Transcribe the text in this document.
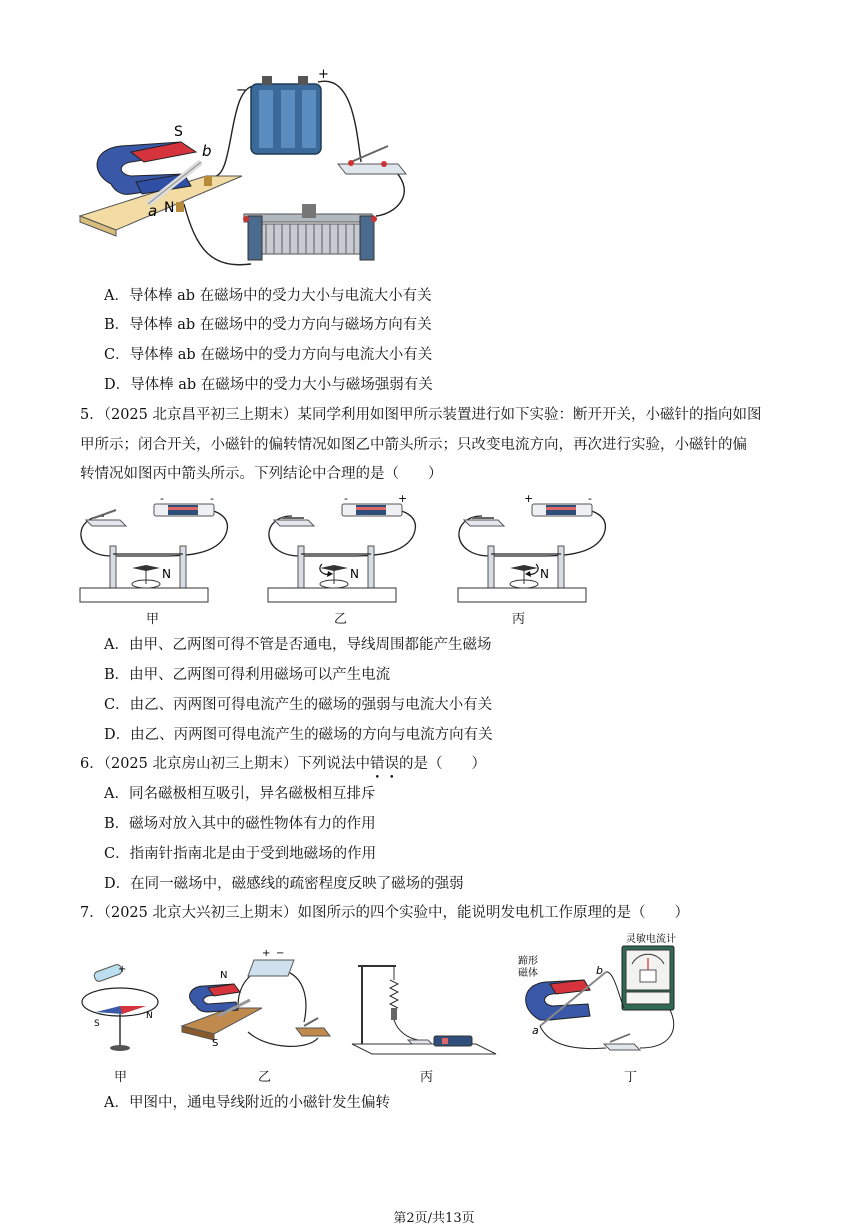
−
+
S
N
a
b
A．导体棒 ab 在磁场中的受力大小与电流大小有关
B．导体棒 ab 在磁场中的受力方向与磁场方向有关
C．导体棒 ab 在磁场中的受力方向与电流大小有关
D．导体棒 ab 在磁场中的受力大小与磁场强弱有关
5．（2025 北京昌平初三上期末）某同学利用如图甲所示装置进行如下实验：断开开关，小磁针的指向如图
甲所示；闭合开关，小磁针的偏转情况如图乙中箭头所示；只改变电流方向，再次进行实验，小磁针的偏
转情况如图丙中箭头所示。下列结论中合理的是（　　）
-	-
N
甲
-	+
N
乙
+	-
N
丙
A．由甲、乙两图可得不管是否通电，导线周围都能产生磁场
B．由甲、乙两图可得利用磁场可以产生电流
C．由乙、丙两图可得电流产生的磁场的强弱与电流大小有关
D．由乙、丙两图可得电流产生的磁场的方向与电流方向有关
6．（2025 北京房山初三上期末）下列说法中错误的是（　　）
A．同名磁极相互吸引，异名磁极相互排斥
B．磁场对放入其中的磁性物体有力的作用
C．指南针指南北是由于受到地磁场的作用
D．在同一磁场中，磁感线的疏密程度反映了磁场的强弱
7．（2025 北京大兴初三上期末）如图所示的四个实验中，能说明发电机工作原理的是（　　）
+
N
S
甲
+ −
N
S
乙	丙
灵敏电流计
蹄形
磁体	b
a
丁
A．甲图中，通电导线附近的小磁针发生偏转
第2页/共13页
